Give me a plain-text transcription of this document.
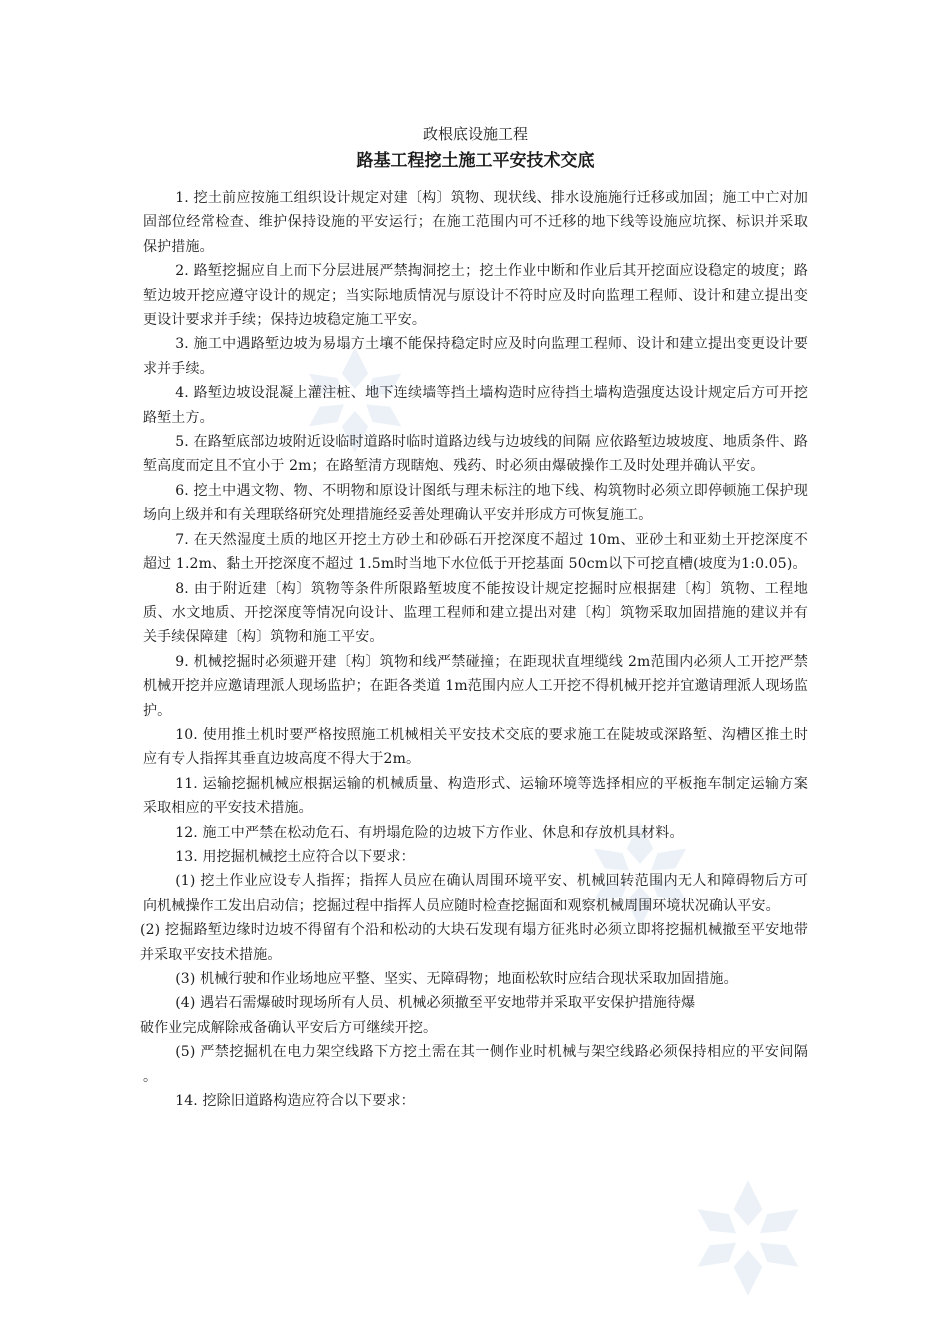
政根底设施工程

路基工程挖土施工平安技术交底

1. 挖土前应按施工组织设计规定对建〔构〕筑物、现状线、排水设施施行迁移或加固；施工中亡对加固部位经常检查、维护保持设施的平安运行；在施工范围内可不迁移的地下线等设施应坑探、标识并采取保护措施。

2. 路堑挖掘应自上而下分层进展严禁掏洞挖土；挖土作业中断和作业后其开挖面应设稳定的坡度；路堑边坡开挖应遵守设计的规定；当实际地质情况与原设计不符时应及时向监理工程师、设计和建立提出变更设计要求并手续；保持边坡稳定施工平安。

3. 施工中遇路堑边坡为易塌方土壤不能保持稳定时应及时向监理工程师、设计和建立提出变更设计要求并手续。

4. 路堑边坡设混凝上灌注桩、地下连续墙等挡土墙构造时应待挡土墙构造强度达设计规定后方可开挖路堑土方。

5. 在路堑底部边坡附近设临时道路时临时道路边线与边坡线的间隔 应依路堑边坡坡度、地质条件、路堑高度而定且不宜小于 2m；在路堑清方现瞎炮、残药、时必须由爆破操作工及时处理并确认平安。

6. 挖土中遇文物、物、不明物和原设计图纸与理未标注的地下线、构筑物时必须立即停顿施工保护现场向上级并和有关理联络研究处理措施经妥善处理确认平安并形成方可恢复施工。

7. 在天然湿度土质的地区开挖土方砂土和砂砾石开挖深度不超过 10m、亚砂土和亚劾土开挖深度不超过 1.2m、黏土开挖深度不超过 1.5m时当地下水位低于开挖基面 50cm以下可挖直槽(坡度为1:0.05)。

8. 由于附近建〔构〕筑物等条件所限路堑坡度不能按设计规定挖掘时应根据建〔构〕筑物、工程地质、水文地质、开挖深度等情况向设计、监理工程师和建立提出对建〔构〕筑物采取加固措施的建议并有关手续保障建〔构〕筑物和施工平安。

9. 机械挖掘时必须避开建〔构〕筑物和线严禁碰撞；在距现状直埋缆线 2m范围内必须人工开挖严禁机械开挖并应邀请理派人现场监护；在距各类道 1m范围内应人工开挖不得机械开挖并宜邀请理派人现场监护。

10. 使用推土机时要严格按照施工机械相关平安技术交底的要求施工在陡坡或深路堑、沟槽区推土时应有专人指挥其垂直边坡高度不得大于2m。

11. 运输挖掘机械应根据运输的机械质量、构造形式、运输环境等选择相应的平板拖车制定运输方案采取相应的平安技术措施。

12. 施工中严禁在松动危石、有坍塌危险的边坡下方作业、休息和存放机具材料。

13. 用挖掘机械挖土应符合以下要求：

(1) 挖土作业应设专人指挥；指挥人员应在确认周围环境平安、机械回转范围内无人和障碍物后方可向机械操作工发出启动信；挖掘过程中指挥人员应随时检查挖掘面和观察机械周围环境状况确认平安。

(2) 挖掘路堑边缘时边坡不得留有个沿和松动的大块石发现有塌方征兆时必须立即将挖掘机械撤至平安地带并采取平安技术措施。

(3) 机械行驶和作业场地应平整、坚实、无障碍物；地面松软时应结合现状采取加固措施。

(4) 遇岩石需爆破时现场所有人员、机械必须撤至平安地带并采取平安保护措施待爆

破作业完成解除戒备确认平安后方可继续开挖。

(5) 严禁挖掘机在电力架空线路下方挖土需在其一侧作业时机械与架空线路必须保持相应的平安间隔 。

14. 挖除旧道路构造应符合以下要求：
